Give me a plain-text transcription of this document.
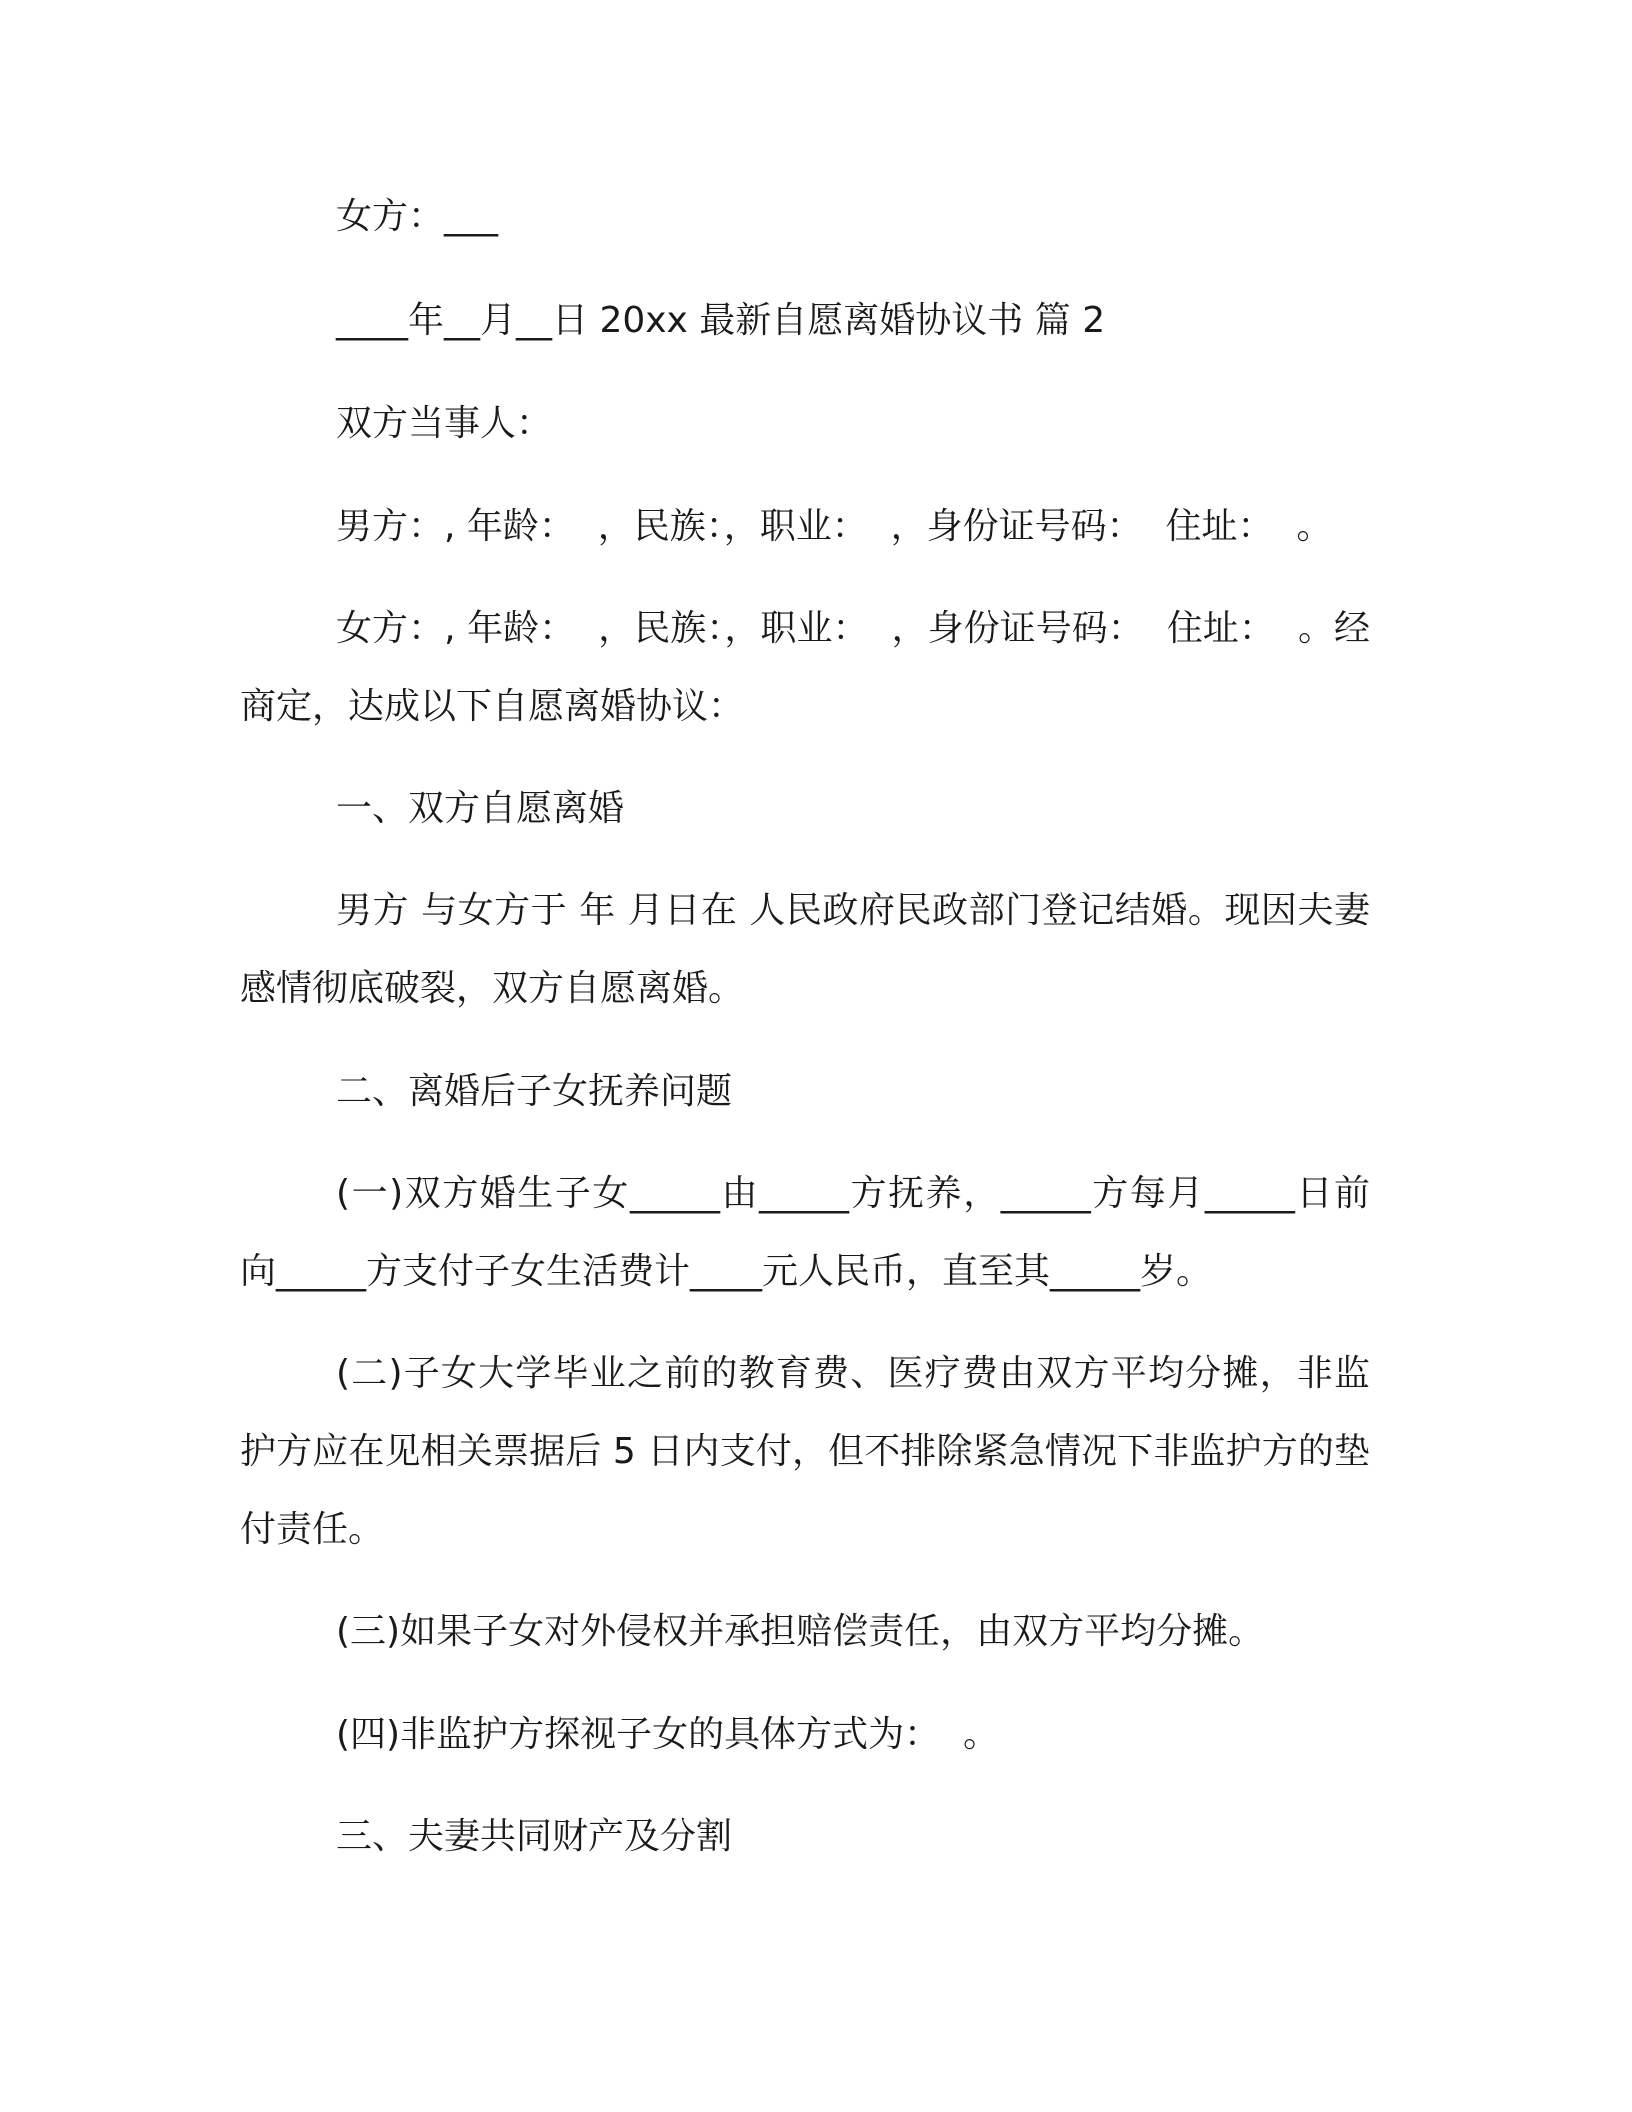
女方：___

____年__月__日 20xx 最新自愿离婚协议书 篇 2

双方当事人：

男方：, 年龄：  ，民族：，职业：  ，身份证号码：  住址：  。

女方：, 年龄：  ，民族：，职业：  ，身份证号码：  住址：  。经商定，达成以下自愿离婚协议：

一、双方自愿离婚

男方 与女方于 年 月日在 人民政府民政部门登记结婚。现因夫妻感情彻底破裂，双方自愿离婚。

二、离婚后子女抚养问题

(一)双方婚生子女_____由_____方抚养，_____方每月_____日前向_____方支付子女生活费计____元人民币，直至其_____岁。

(二)子女大学毕业之前的教育费、医疗费由双方平均分摊，非监护方应在见相关票据后 5 日内支付，但不排除紧急情况下非监护方的垫付责任。

(三)如果子女对外侵权并承担赔偿责任，由双方平均分摊。

(四)非监护方探视子女的具体方式为：  。

三、夫妻共同财产及分割
